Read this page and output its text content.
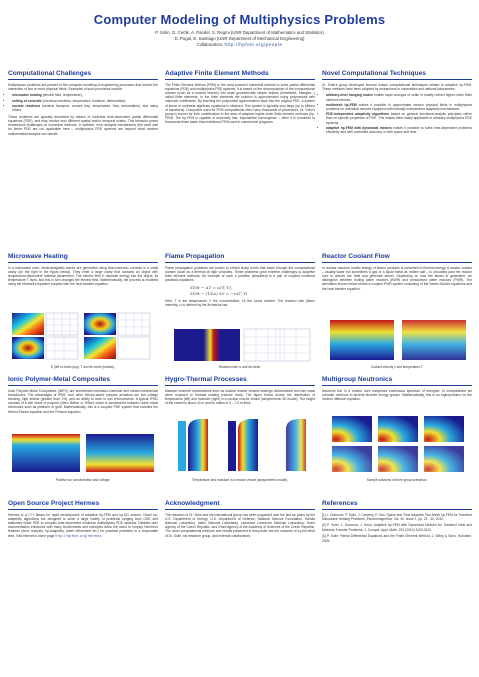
Computer Modeling of Multiphysics Problems
P. Solin, O. Certik, A. Pandel, S. Regmi (UNR Department of Mathematics and Statistics)
D. Pugal, E. Santiago (UNR Department of Mechanical Engineering)
Collaborators: http://hpfem.org/people
Computational Challenges

Multiphysics problems are present in the computer modeling of engineering processes that involve the interaction of two or more physical fields. Examples of such processes include:

• microwave heating (electric field, temperature),
• setting of concrete (chemical reactions, temperature, moisture, deformation),
• nuclear reactions (neutron transport, coolant flow, temperature, flow, deformation), and many others.

These problems are typically described by means of nonlinear time-dependent partial differential equations (PDE), and may involve very different spatial and/or temporal scales. This behavior poses tremendous challenges on numerical methods. In addition, error analysis mechanisms (the work well for linear PDE are not applicable here – multiphysics PDE systems are beyond what modern mathematical analysis can handle.

Adaptive Finite Element Methods

The Finite Element Method (FEM) is the most powerful numerical method to solve partial differential equations (PDE) and multiphysics PDE systems. It is based on the decomposition of the computational domain (such as a nuclear reactor) into small geometrically simple objects (tetrahedra, triangles...) called finite elements. In the finite elements the solution is approximated using polynomials with unknown coefficients. By inserting the polynomial approximation back into the original PDE, a system of linear or nonlinear algebraic equations is obtained. This system is typically very large (up to billions of equations). Computers used for FEM computations often have thousands of processors. Dr. Solin's group is known for their contributions in the area of adaptive higher-order finite element methods (hp-FEM). The hp-FEM is capable of extremely fast, exponential convergence – often it is hundreds to thousands times faster than traditional FEM used in commercial programs.

Novel Computational Techniques

Dr. Solin's group developed several unique computational techniques related to adaptive hp-FEM. These methods have been adopted by researchers in universities and national laboratories:

• arbitrary-level hanging nodes enable rapid changes of scale in locally refined higher-order finite element meshes,
• multimesh hp-FEM makes it possible to approximate various physical fields in multiphysics problems on individual meshes equipped with mutually independent adaptivity mechanisms,
• PDE-independent adaptivity algorithms based on general functional-analytic principles rather than on specific properties of PDE. This makes them easily applicable to arbitrary multiphysics PDE systems,
• adaptive hp-FEM with dynamical meshes makes it possible to solve time-dependent problems efficiently and with controlled accuracy in both space and time.
Microwave Heating

In a microwave oven, electromagnetic waves are generated using time-harmonic currents in a small cavity (on the right in the figure below). They enter a large cavity that contains an object with temperature-dependent material parameters. The electric field E deposits energy into the object, its temperature T rises, and this in turn changes the electric field. Mathematically, the process is modeled using the Maxwell's equation coupled with the heat transfer equation.

E (left to mesh (top), T and its mesh (bottom).
Flame Propagation

Flame propagation problems are known to exhibit sharp fronts that travel through the computational domain (such as a thermal at high velocities. These problems pose extreme challenges to adaptive finite element methods. An example of such a problem (simplified) is a pair of coupled nonlinear parabolic equations

∂T/∂t − ΔT = ω(T, Y),
∂Y/∂t − (1/Le) ΔY = −ω(T, Y).

Here, T is the temperature, Y the concentration, Le the Lewis number. The reaction rate (flame intensity) ω is defined by the Arrhenius law.

Reaction rate ω and its mesh.
Reactor Coolant Flow

In nuclear reactors, kinetic energy of fission products is converted to thermal energy. A reactor coolant – usually water but sometimes a gas or a liquid metal as molten salt – is circulated past the reactor core to absorb the heat and generate steam. Depending on how the steam is generated, we distinguish between boiling water reactors (BWR) and pressurized water reactors (PWR). The simulation shown below shows a coupled PWR system consisting of the Navier-Stokes equations and the heat transfer equation.

Coolant velocity v and temperature T.
Ionic Polymer-Metal Composites

Ionic Polymer-Metal Composites (IMPC) are ionic/electro-mechano-chemical and electro-mechanical transducers. The advantages of IPMC over other electro-active polymer actuators are low voltage bending, high strains (greater than 1%), and an ability to work in wet environments. A typical IPMC consists of a thin sheet of polymer (often Nafion or Teflon) which is sandwiched between noble metal electrodes such as platinum or gold. Mathematically, this is a coupled PDE system that includes the Nernst-Planck equation and the Poisson equation.

Positive ion concentration and voltage.
Hygro-Thermal Processes

Massive concrete constructions such as nuclear reactor vessels undergo deformations and can crack when exposed to thermal loading (reactor heat). The figure below shows the distribution of temperature (left) and moisture (right) in a nuclear reactor vessel (axisymmetric 3D model). The height of the vessel is about 40 m and its radius is 5 – 7.5 m thick.

Temperature and moisture in a reactor vessel (axisymmetric model).
Multigroup Neutronics

Neutrons flux in a reactor core comprises continuous spectrum of energies. In computations we consider neutrons in several discrete energy groups. Mathematically, this is an eigenproblem for the neutron diffusion equation.

Sample solutions of three group scenarios.
Open Source Project Hermes

Hermes is a C++ library for rapid development of adaptive hp-FEM and hp-DG solvers. Novel hp-adaptivity algorithms are designed to solve a large variety of problems ranging from ODE and stationary linear PDE to complex time-dependent nonlinear multiphysics PDE systems. Detailed user documentation enhanced with many benchmarks and examples allow the users to employ Hermes's features (error analysis, hp-adaptivity, mesh refinement etc.) for practical problems in a reasonable time. Visit Hermes's home page http://hpfem.org/hermes.

Acknowledgment

The research of Dr. Solin and his international group has been supported over the last six years by the U.S. Department of Energy, U.S. Department of Defense, National Science Foundation, Sandia National Laboratory, Idaho National Laboratory, Lawrence Livermore National Laboratory, Grant Agency of the Czech Republic, and Grant Agency of the Academy of Sciences of the Czech Republic. The novel computational methods and results presented in this poster are the outcome of a joint effort of Dr. Solin, his research group, and external collaborators.

References

[1] L. Dubcova, P. Solin, J. Cerveny, P. Kus: Space and Time Adaptive Two-Mesh hp-FEM for Transient Microwave Heating Problems, Electromagnetics, Vol. 30, Issue 1, pp. 23 - 40, 2010.

[2] P. Solin, L. Dubcova, J. Kruis: Adaptive hp-FEM with Dynamical Meshes for Transient Heat and Moisture Transfer Problems, J. Comput. Appl. Math. 233 (2010) 3103-3112.

[3] P. Solin: Partial Differential Equations and the Finite Element Method, J. Wiley & Sons, Hoboken, 2005.
